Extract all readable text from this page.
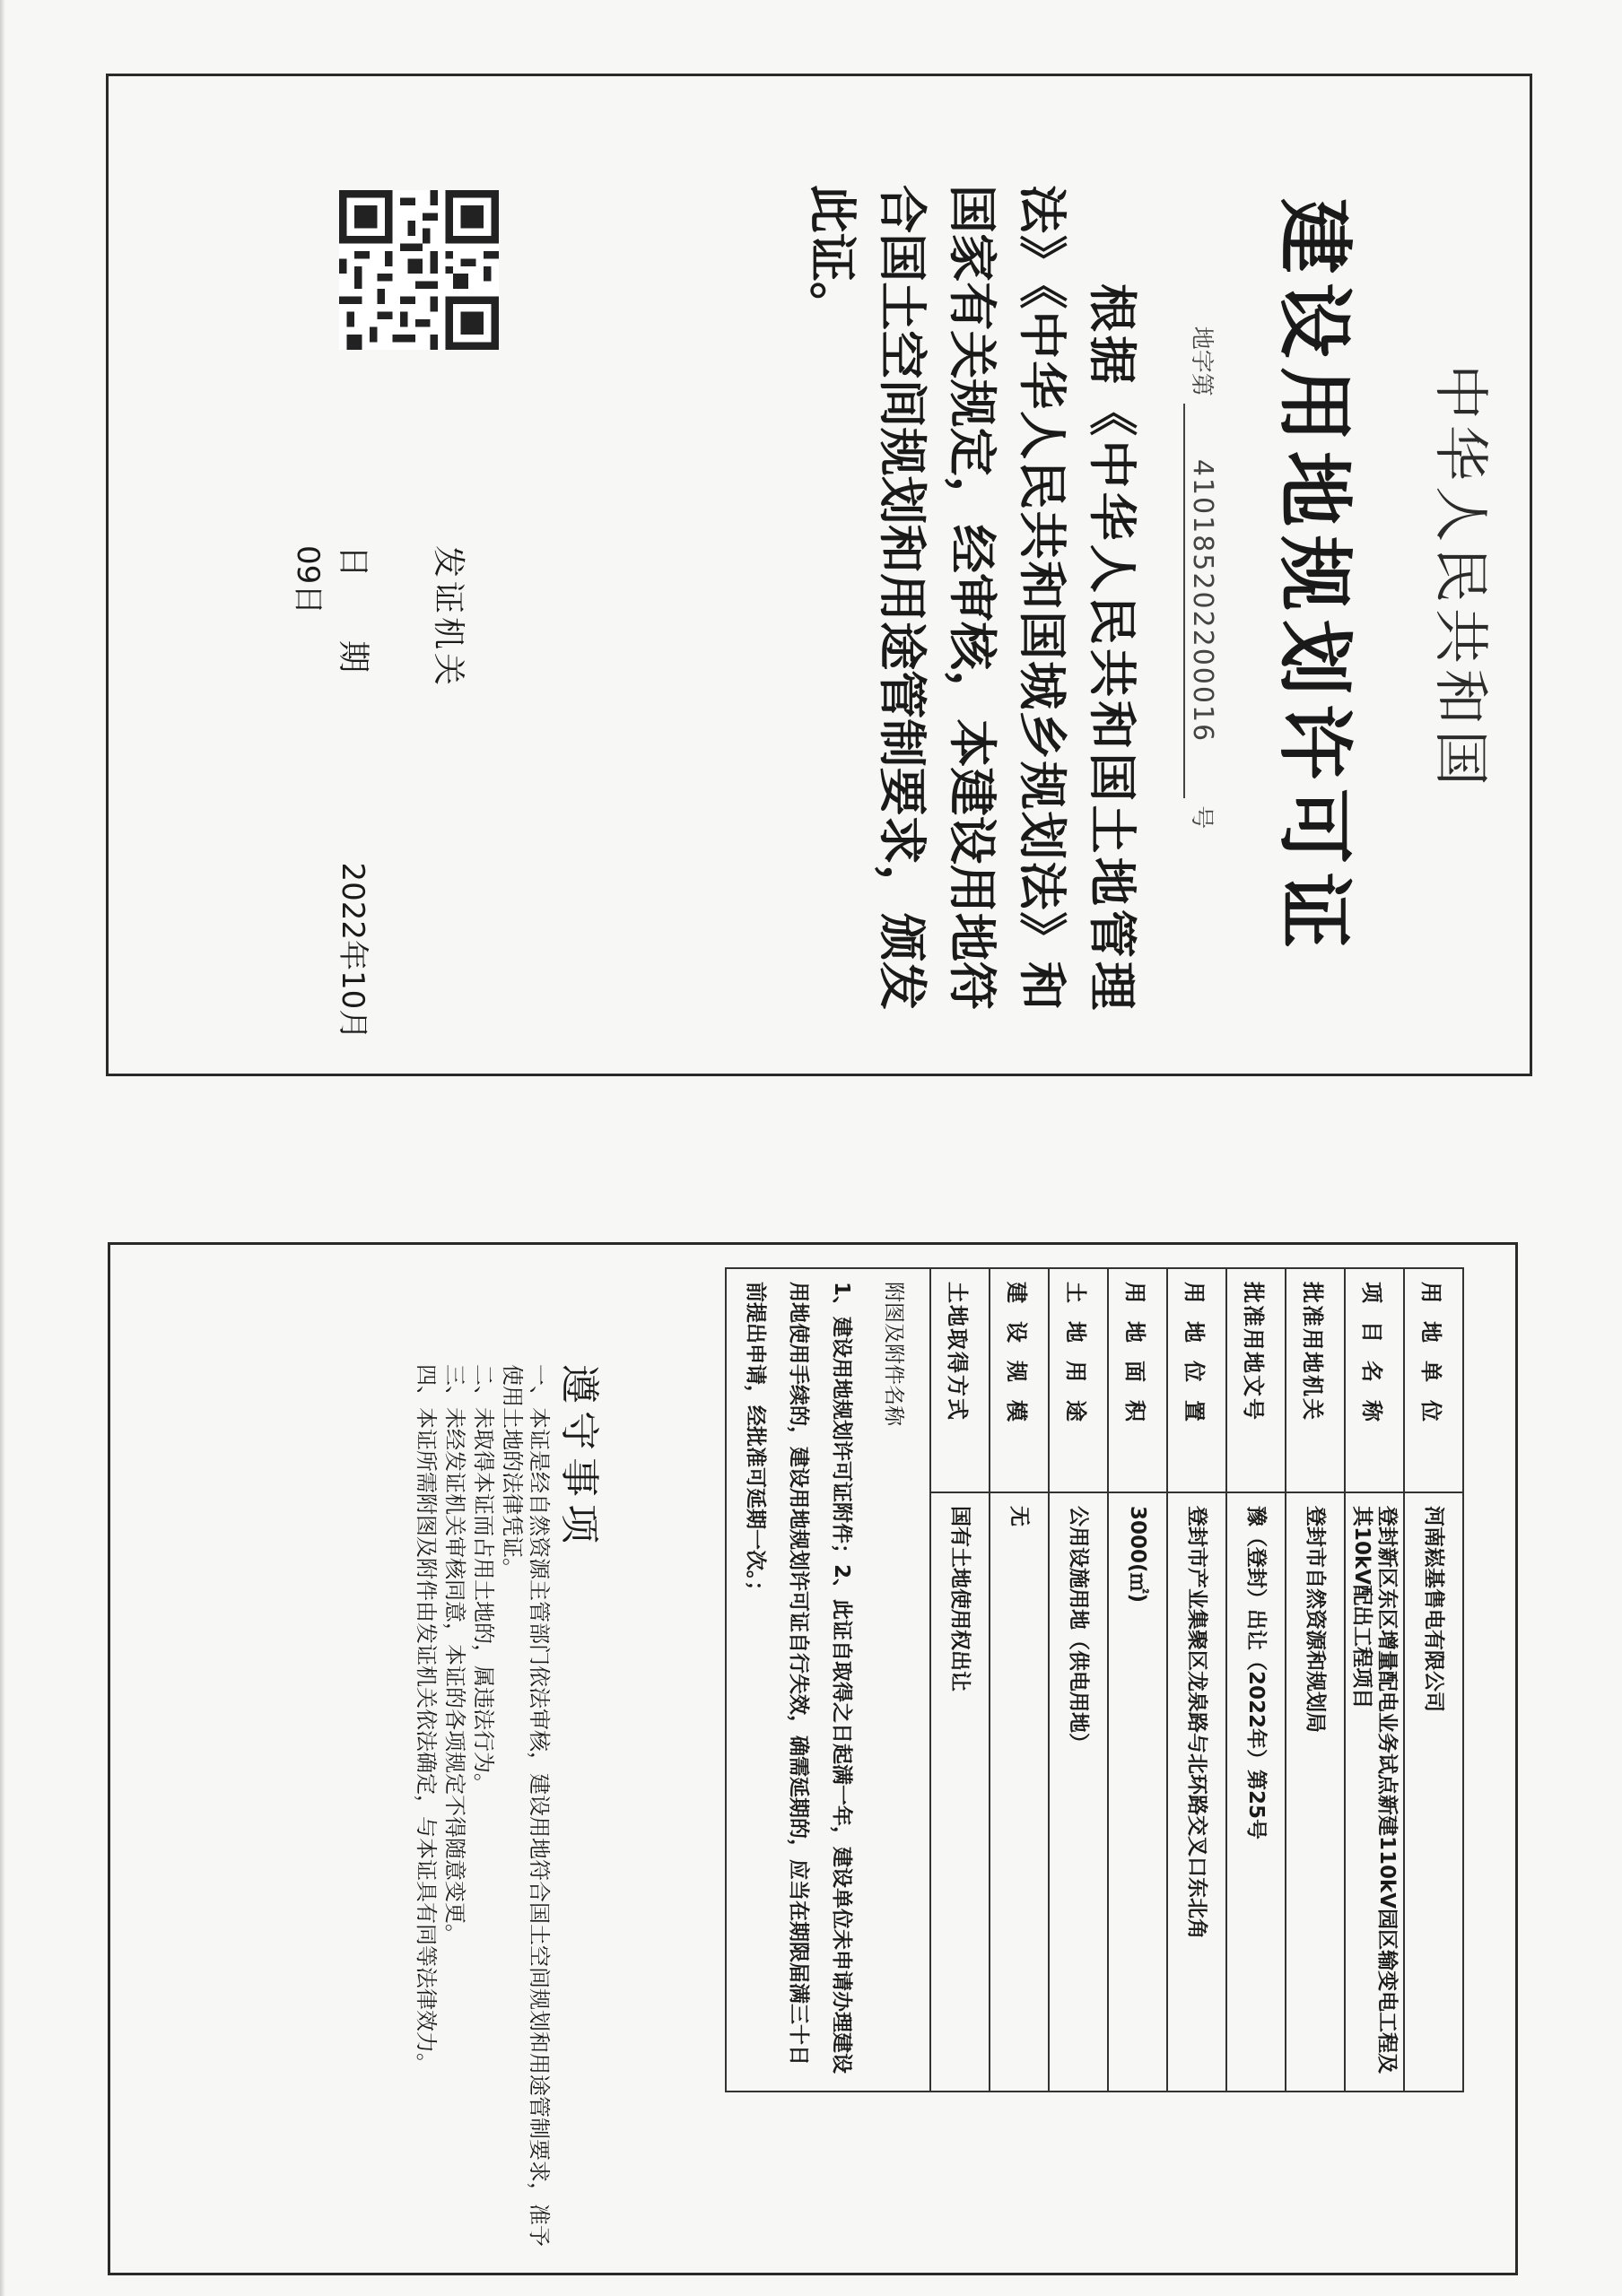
中华人民共和国
建设用地规划许可证
地字第 410185202200016 号
根据《中华人民共和国土地管理法》《中华人民共和国城乡规划法》和国家有关规定，经审核，本建设用地符合国土空间规划和用途管制要求，颁发此证。
发证机关
日期 2022年10月09日
用地单位	河南崧基售电有限公司
项目名称	登封新区东区增量配电业务试点新建110kV园区输变电工程及其10kV配出工程项目
批准用地机关	登封市自然资源和规划局
批准用地文号	豫（登封）出让（2022年）第25号
用地位置	登封市产业集聚区龙泉路与北环路交叉口东北角
用地面积	3000(㎡)
土地用途	公用设施用地（供电用地）
建设规模	无
土地取得方式	国有土地使用权出让

附图及附件名称
1、建设用地规划许可证附件；2、此证自取得之日起满一年，建设单位未申请办理建设用地使用手续的，建设用地规划许可证自行失效，确需延期的，应当在期限届满三十日前提出申请，经批准可延期一次。；	
遵守事项

一、本证是经自然资源主管部门依法审核，建设用地符合国土空间规划和用途管制要求，准予使用土地的法律凭证。

二、未取得本证而占用土地的，属违法行为。

三、未经发证机关审核同意，本证的各项规定不得随意变更。

四、本证所需附图及附件由发证机关依法确定，与本证具有同等法律效力。
